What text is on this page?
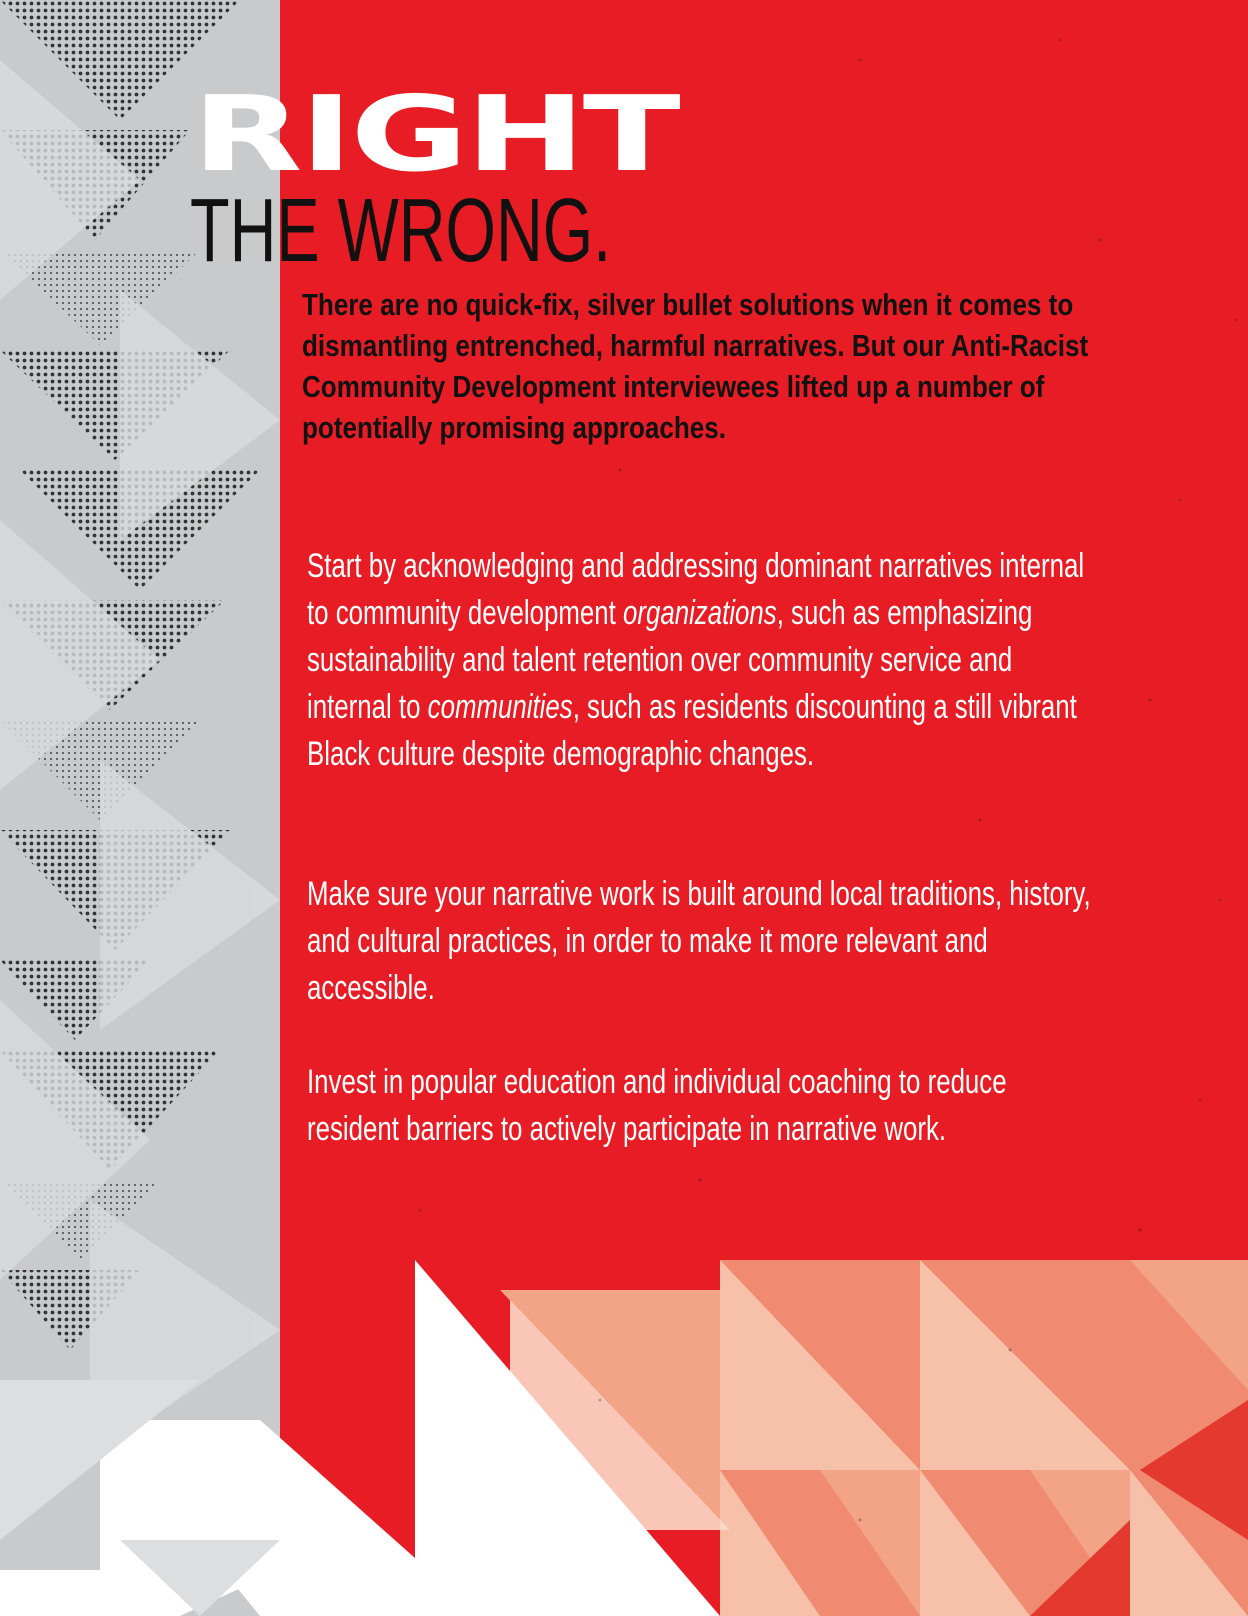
RIGHT
THE WRONG.

There are no quick-fix, silver bullet solutions when it comes to dismantling entrenched, harmful narratives. But our Anti-Racist Community Development interviewees lifted up a number of potentially promising approaches.

Start by acknowledging and addressing dominant narratives internal to community development organizations, such as emphasizing sustainability and talent retention over community service and internal to communities, such as residents discounting a still vibrant Black culture despite demographic changes.

Make sure your narrative work is built around local traditions, history, and cultural practices, in order to make it more relevant and accessible.

Invest in popular education and individual coaching to reduce resident barriers to actively participate in narrative work.
